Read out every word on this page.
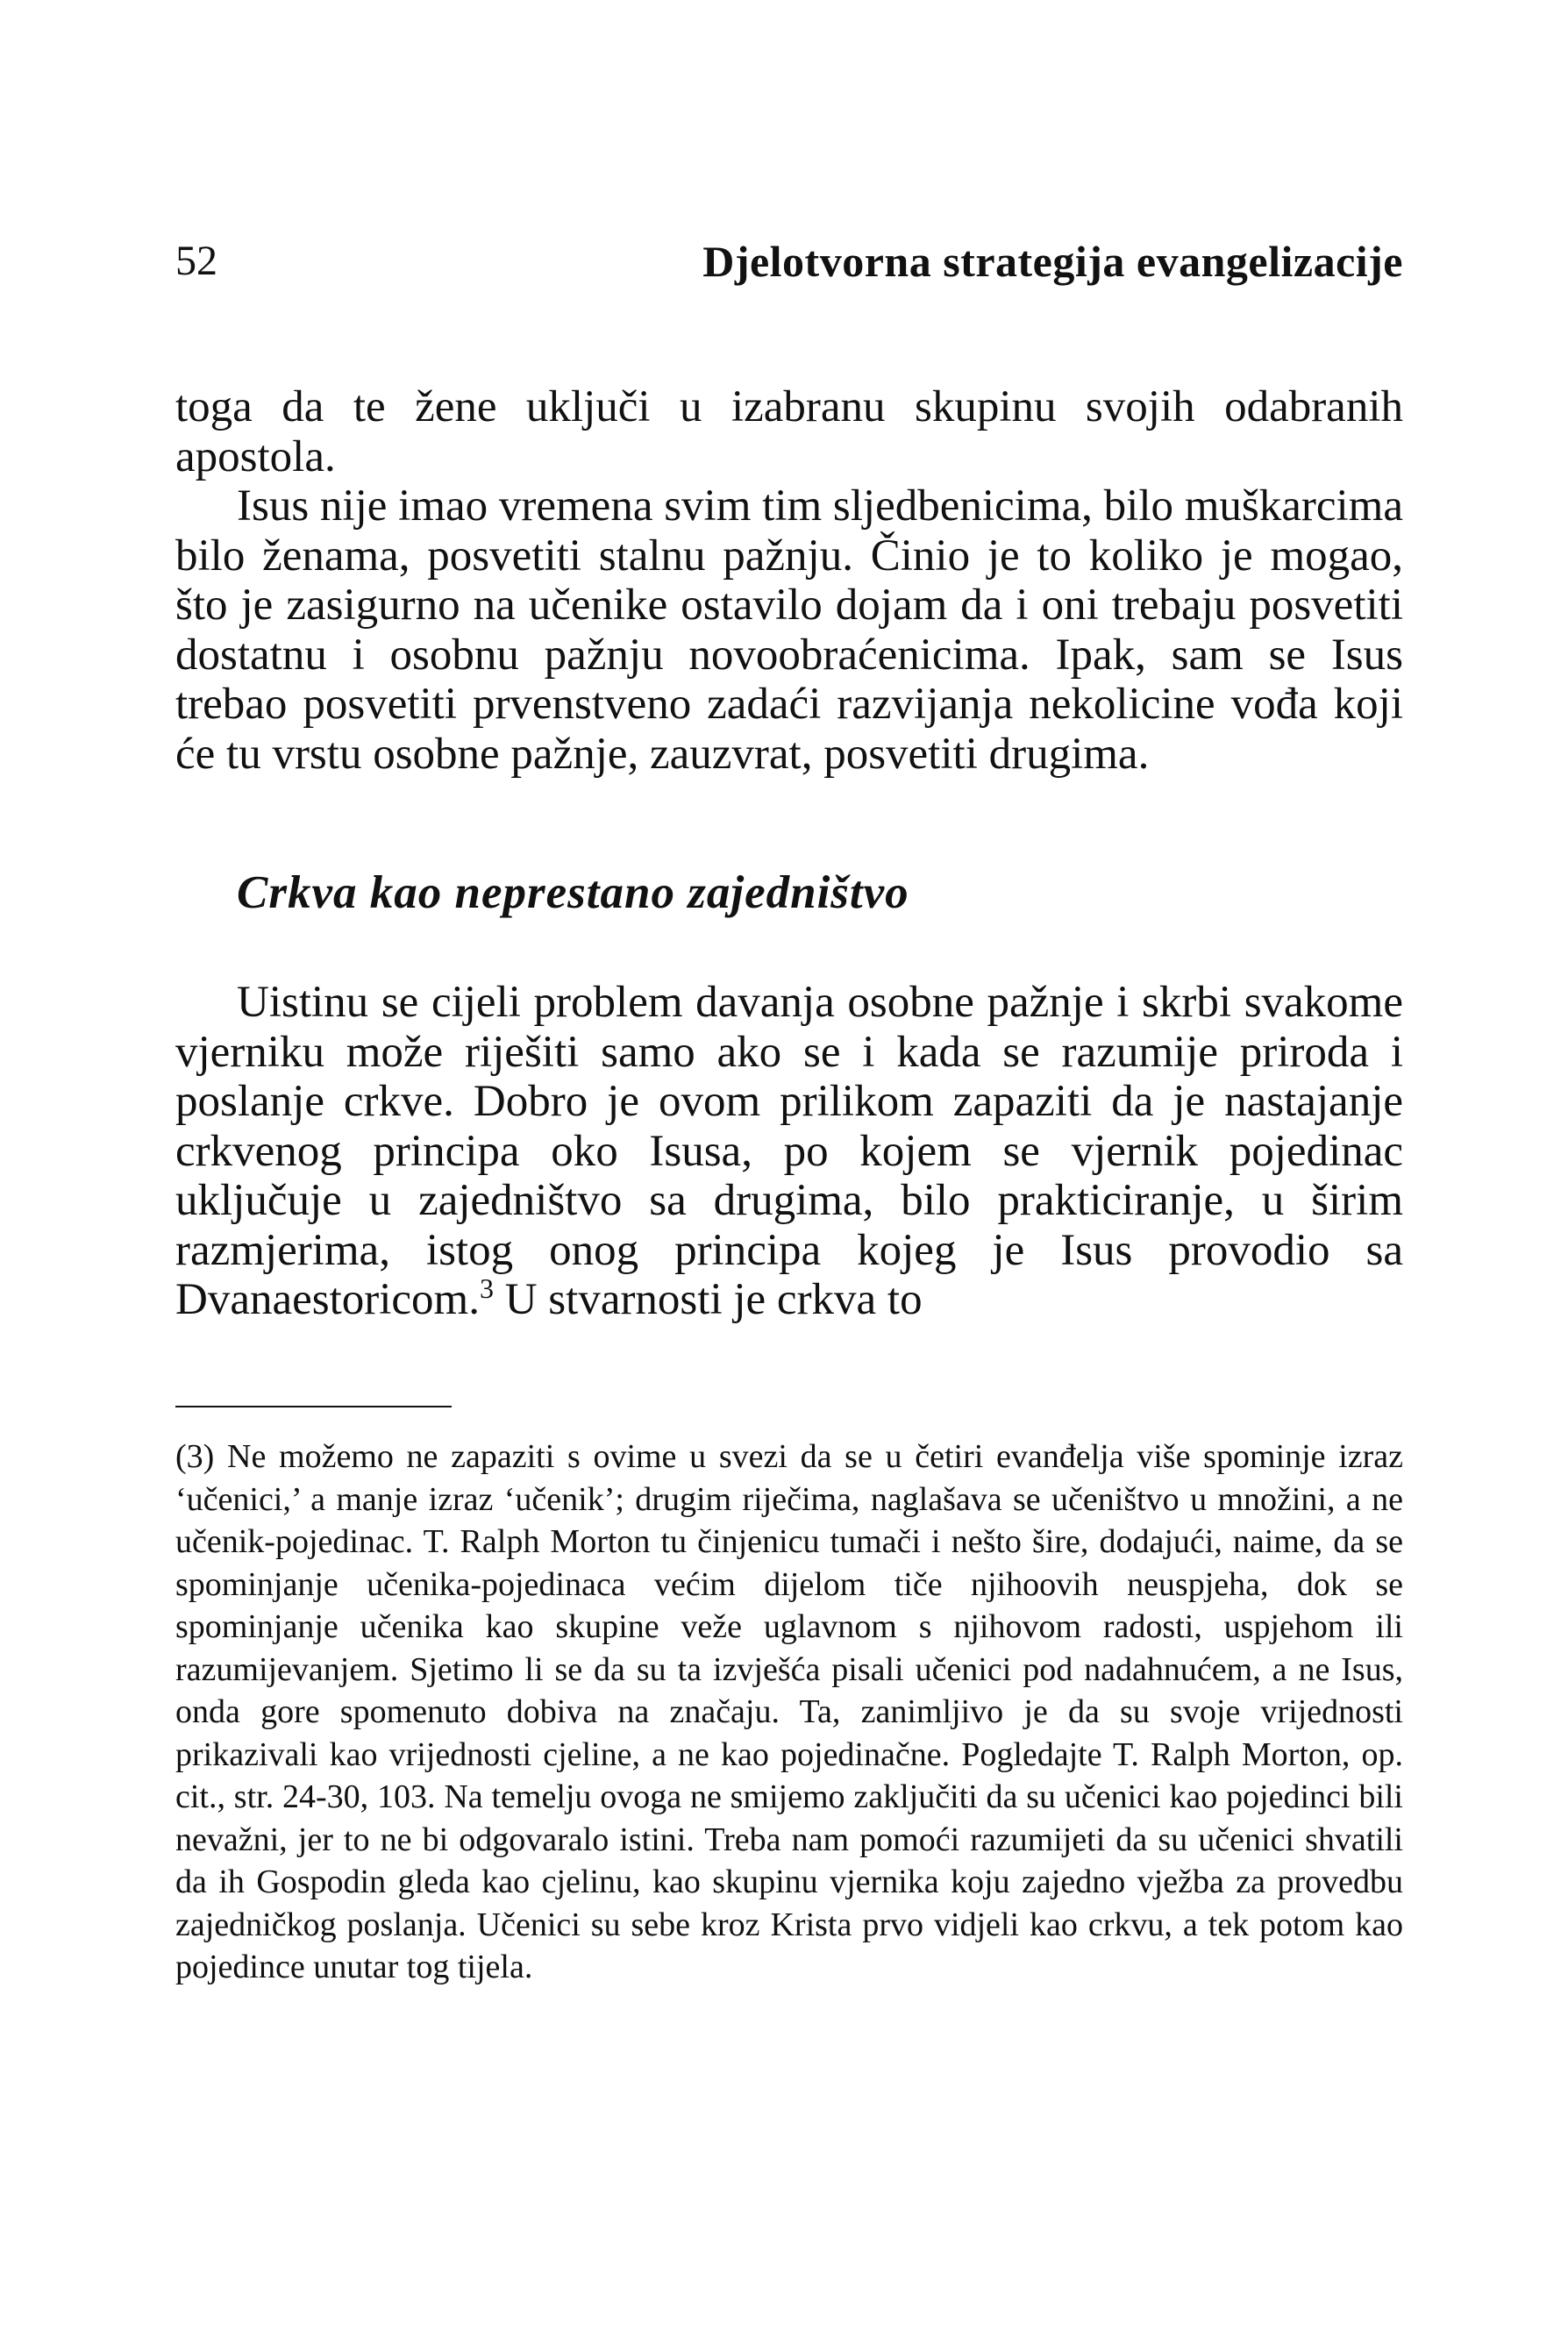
52	Djelotvorna strategija evangelizacije

toga da te žene uključi u izabranu skupinu svojih odabranih apostola.

Isus nije imao vremena svim tim sljedbenicima, bilo muškarcima bilo ženama, posvetiti stalnu pažnju. Činio je to koliko je mogao, što je zasigurno na učenike ostavilo dojam da i oni trebaju posvetiti dostatnu i osobnu pažnju novoobraćenicima. Ipak, sam se Isus trebao posvetiti prvenstveno zadaći razvijanja nekolicine vođa koji će tu vrstu osobne pažnje, zauzvrat, posvetiti drugima.

Crkva kao neprestano zajedništvo

Uistinu se cijeli problem davanja osobne pažnje i skrbi svakome vjerniku može riješiti samo ako se i kada se razumije priroda i poslanje crkve. Dobro je ovom prilikom zapaziti da je nastajanje crkvenog principa oko Isusa, po kojem se vjernik pojedinac uključuje u zajedništvo sa drugima, bilo prakticiranje, u širim razmjerima, istog onog principa kojeg je Isus provodio sa Dvanaestoricom.$^3$ U stvarnosti je crkva to

(3) Ne možemo ne zapaziti s ovime u svezi da se u četiri evanđelja više spominje izraz ‘učenici,’ a manje izraz ‘učenik’; drugim riječima, naglašava se učeništvo u množini, a ne učenik-pojedinac. T. Ralph Morton tu činjenicu tumači i nešto šire, dodajući, naime, da se spominjanje učenika-pojedinaca većim dijelom tiče njihoovih neuspjeha, dok se spominjanje učenika kao skupine veže uglavnom s njihovom radosti, uspjehom ili razumijevanjem. Sjetimo li se da su ta izvješća pisali učenici pod nadahnućem, a ne Isus, onda gore spomenuto dobiva na značaju. Ta, zanimljivo je da su svoje vrijednosti prikazivali kao vrijednosti cjeline, a ne kao pojedinačne. Pogledajte T. Ralph Morton, op. cit., str. 24-30, 103. Na temelju ovoga ne smijemo zaključiti da su učenici kao pojedinci bili nevažni, jer to ne bi odgovaralo istini. Treba nam pomoći razumijeti da su učenici shvatili da ih Gospodin gleda kao cjelinu, kao skupinu vjernika koju zajedno vježba za provedbu zajedničkog poslanja. Učenici su sebe kroz Krista prvo vidjeli kao crkvu, a tek potom kao pojedince unutar tog tijela.
